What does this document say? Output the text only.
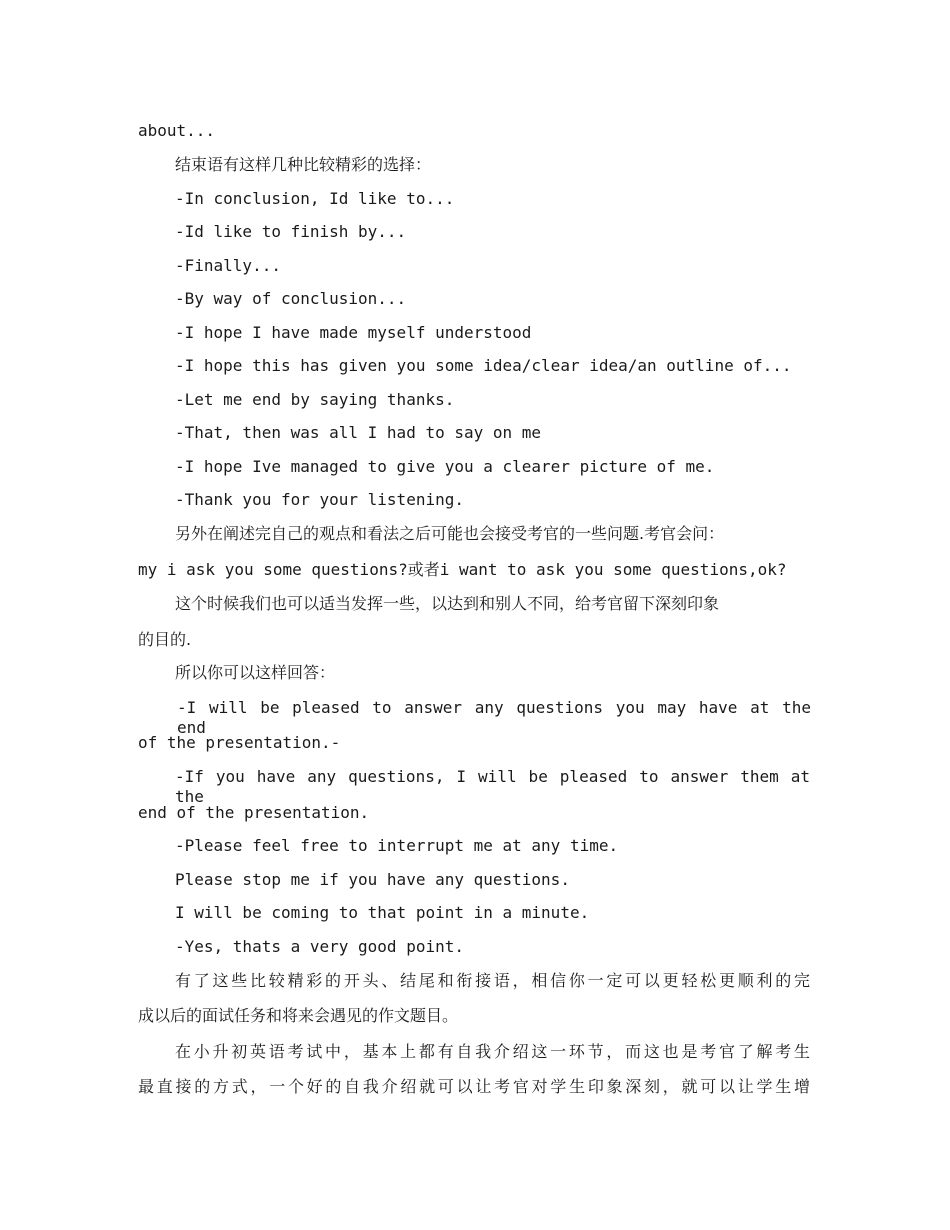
about...
结束语有这样几种比较精彩的选择：
-In conclusion, Id like to...
-Id like to finish by...
-Finally...
-By way of conclusion...
-I hope I have made myself understood
-I hope this has given you some idea/clear idea/an outline of...
-Let me end by saying thanks.
-That, then was all I had to say on me
-I hope Ive managed to give you a clearer picture of me.
-Thank you for your listening.
另外在阐述完自己的观点和看法之后可能也会接受考官的一些问题.考官会问：
my i ask you some questions?或者i want to ask you some questions,ok?
这个时候我们也可以适当发挥一些，以达到和别人不同，给考官留下深刻印象
的目的.
所以你可以这样回答：
-I will be pleased to answer any questions you may have at the end
of the presentation.-
-If you have any questions, I will be pleased to answer them at the
end of the presentation.
-Please feel free to interrupt me at any time.
Please stop me if you have any questions.
I will be coming to that point in a minute.
-Yes, thats a very good point.
有了这些比较精彩的开头、结尾和衔接语，相信你一定可以更轻松更顺利的完
成以后的面试任务和将来会遇见的作文题目。
在小升初英语考试中，基本上都有自我介绍这一环节，而这也是考官了解考生
最直接的方式，一个好的自我介绍就可以让考官对学生印象深刻，就可以让学生增
